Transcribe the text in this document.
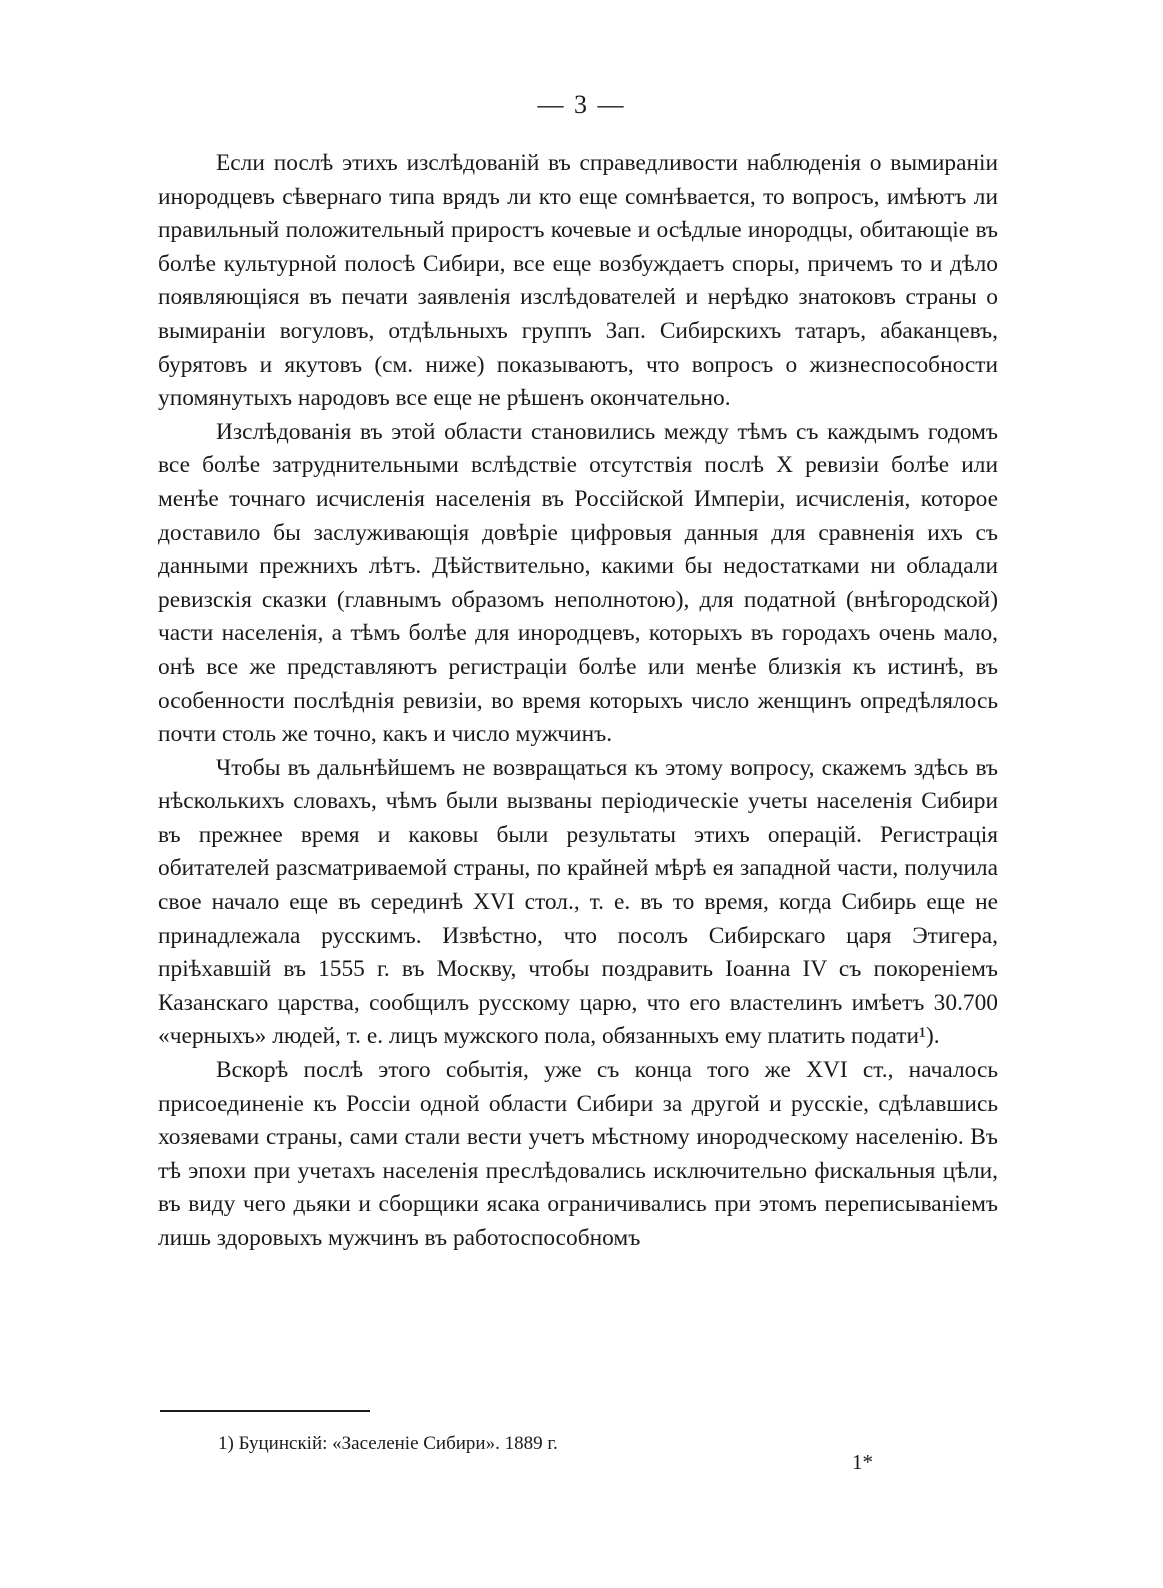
— 3 —

Если послѣ этихъ изслѣдованій въ справедливости наблюденія о вымираніи инородцевъ сѣвернаго типа врядъ ли кто еще сомнѣвается, то вопросъ, имѣютъ ли правильный положительный приростъ кочевые и осѣдлые инородцы, обитающіе въ болѣе культурной полосѣ Сибири, все еще возбуждаетъ споры, причемъ то и дѣло появляющіяся въ печати заявленія изслѣдователей и нерѣдко знатоковъ страны о вымираніи вогуловъ, отдѣльныхъ группъ Зап. Сибирскихъ татаръ, абаканцевъ, бурятовъ и якутовъ (см. ниже) показываютъ, что вопросъ о жизнеспособности упомянутыхъ народовъ все еще не рѣшенъ окончательно.

Изслѣдованія въ этой области становились между тѣмъ съ каждымъ годомъ все болѣе затруднительными вслѣдствіе отсутствія послѣ X ревизіи болѣе или менѣе точнаго исчисленія населенія въ Россійской Имперіи, исчисленія, которое доставило бы заслуживающія довѣріе цифровыя данныя для сравненія ихъ съ данными прежнихъ лѣтъ. Дѣйствительно, какими бы недостатками ни обладали ревизскія сказки (главнымъ образомъ неполнотою), для податной (внѣгородской) части населенія, а тѣмъ болѣе для инородцевъ, которыхъ въ городахъ очень мало, онѣ все же представляютъ регистраціи болѣе или менѣе близкія къ истинѣ, въ особенности послѣднія ревизіи, во время которыхъ число женщинъ опредѣлялось почти столь же точно, какъ и число мужчинъ.

Чтобы въ дальнѣйшемъ не возвращаться къ этому вопросу, скажемъ здѣсь въ нѣсколькихъ словахъ, чѣмъ были вызваны періодическіе учеты населенія Сибири въ прежнее время и каковы были результаты этихъ операцій. Регистрація обитателей разсматриваемой страны, по крайней мѣрѣ ея западной части, получила свое начало еще въ серединѣ XVI стол., т. е. въ то время, когда Сибирь еще не принадлежала русскимъ. Извѣстно, что посолъ Сибирскаго царя Этигера, пріѣхавшій въ 1555 г. въ Москву, чтобы поздравить Іоанна IV съ покореніемъ Казанскаго царства, сообщилъ русскому царю, что его властелинъ имѣетъ 30.700 «черныхъ» людей, т. е. лицъ мужского пола, обязанныхъ ему платить подати¹).

Вскорѣ послѣ этого событія, уже съ конца того же XVI ст., началось присоединеніе къ Россіи одной области Сибири за другой и русскіе, сдѣлавшись хозяевами страны, сами стали вести учетъ мѣстному инородческому населенію. Въ тѣ эпохи при учетахъ населенія преслѣдовались исключительно фискальныя цѣли, въ виду чего дьяки и сборщики ясака ограничивались при этомъ переписываніемъ лишь здоровыхъ мужчинъ въ работоспособномъ

1) Буцинскій: «Заселеніе Сибири». 1889 г.
1*
